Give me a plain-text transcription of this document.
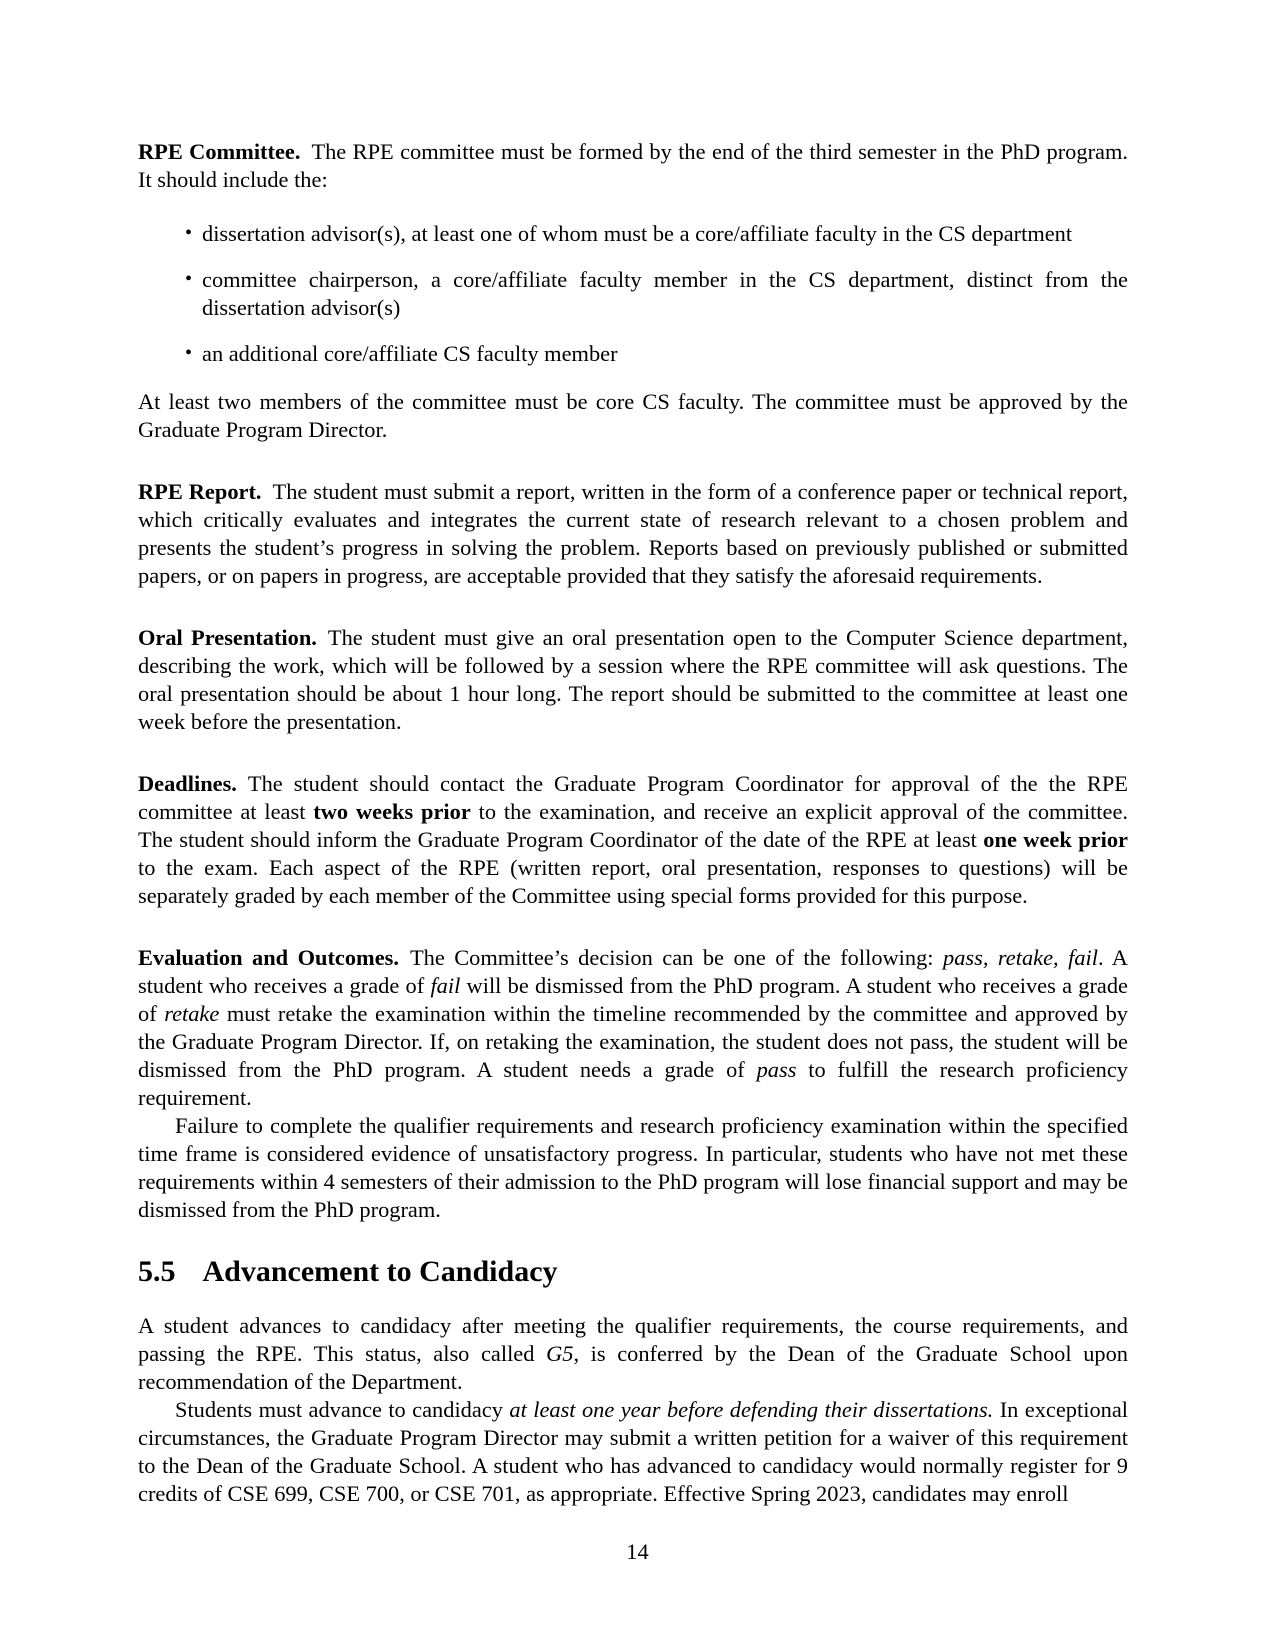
RPE Committee. The RPE committee must be formed by the end of the third semester in the PhD program. It should include the:

• dissertation advisor(s), at least one of whom must be a core/affiliate faculty in the CS department
• committee chairperson, a core/affiliate faculty member in the CS department, distinct from the dissertation advisor(s)
• an additional core/affiliate CS faculty member

At least two members of the committee must be core CS faculty. The committee must be approved by the Graduate Program Director.

RPE Report. The student must submit a report, written in the form of a conference paper or technical report, which critically evaluates and integrates the current state of research relevant to a chosen problem and presents the student’s progress in solving the problem. Reports based on previously published or submitted papers, or on papers in progress, are acceptable provided that they satisfy the aforesaid requirements.

Oral Presentation. The student must give an oral presentation open to the Computer Science department, describing the work, which will be followed by a session where the RPE committee will ask questions. The oral presentation should be about 1 hour long. The report should be submitted to the committee at least one week before the presentation.

Deadlines. The student should contact the Graduate Program Coordinator for approval of the the RPE committee at least two weeks prior to the examination, and receive an explicit approval of the committee. The student should inform the Graduate Program Coordinator of the date of the RPE at least one week prior to the exam. Each aspect of the RPE (written report, oral presentation, responses to questions) will be separately graded by each member of the Committee using special forms provided for this purpose.

Evaluation and Outcomes. The Committee’s decision can be one of the following: pass, retake, fail. A student who receives a grade of fail will be dismissed from the PhD program. A student who receives a grade of retake must retake the examination within the timeline recommended by the committee and approved by the Graduate Program Director. If, on retaking the examination, the student does not pass, the student will be dismissed from the PhD program. A student needs a grade of pass to fulfill the research proficiency requirement.

Failure to complete the qualifier requirements and research proficiency examination within the specified time frame is considered evidence of unsatisfactory progress. In particular, students who have not met these requirements within 4 semesters of their admission to the PhD program will lose financial support and may be dismissed from the PhD program.

5.5 Advancement to Candidacy

A student advances to candidacy after meeting the qualifier requirements, the course requirements, and passing the RPE. This status, also called G5, is conferred by the Dean of the Graduate School upon recommendation of the Department.

Students must advance to candidacy at least one year before defending their dissertations. In exceptional circumstances, the Graduate Program Director may submit a written petition for a waiver of this requirement to the Dean of the Graduate School. A student who has advanced to candidacy would normally register for 9 credits of CSE 699, CSE 700, or CSE 701, as appropriate. Effective Spring 2023, candidates may enroll

14
